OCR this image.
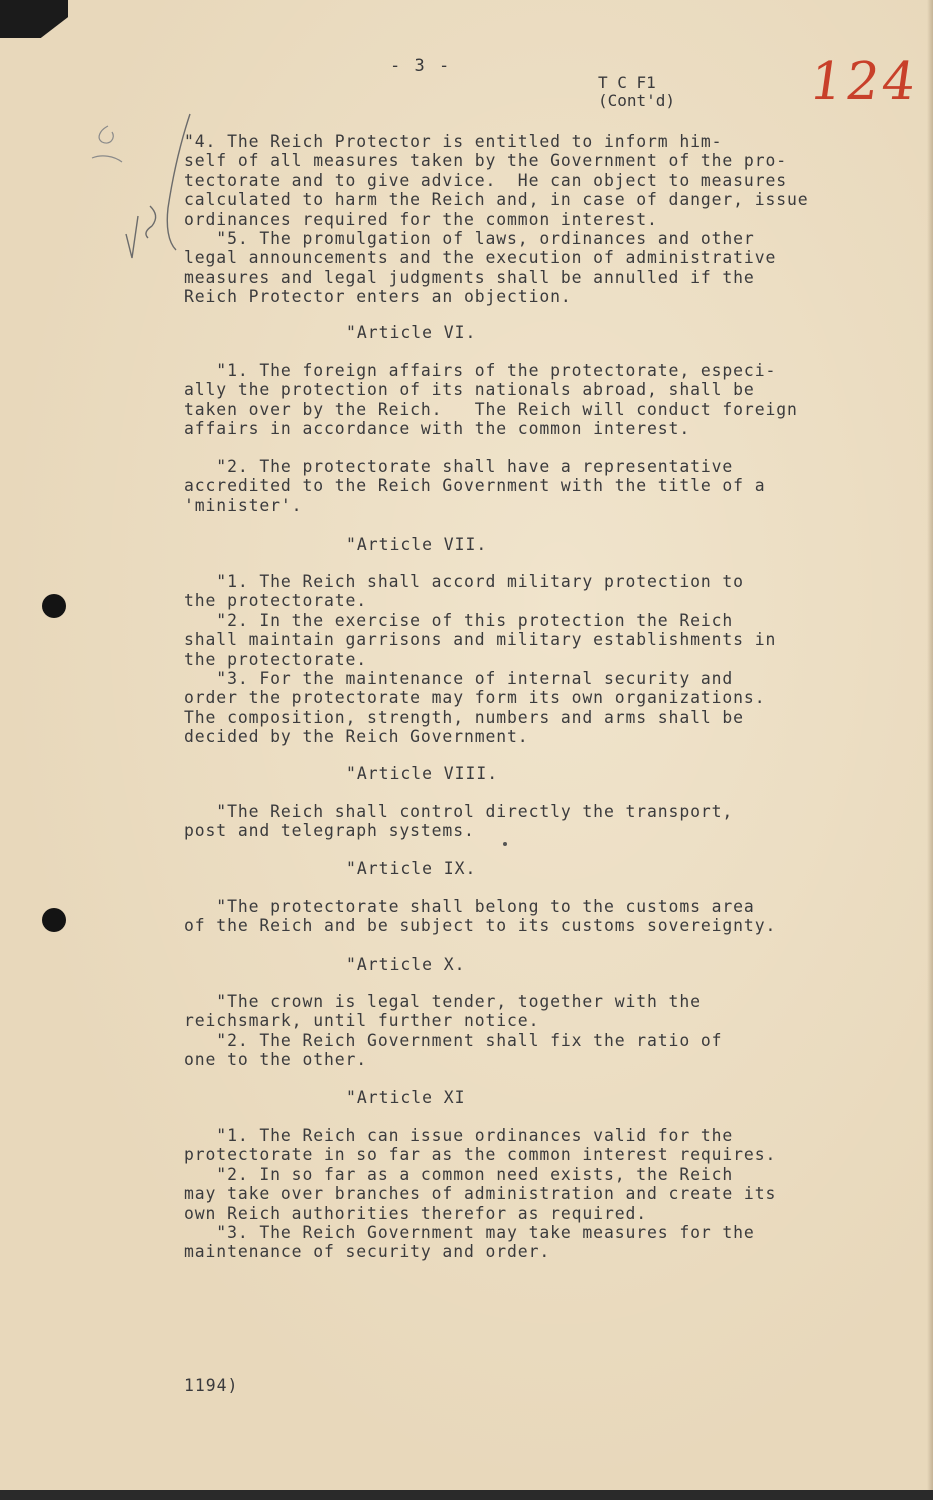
- 3 -
T C F1
(Cont'd)	124
"4. The Reich Protector is entitled to inform him-
self of all measures taken by the Government of the pro-
tectorate and to give advice.  He can object to measures
calculated to harm the Reich and, in case of danger, issue
ordinances required for the common interest.
"5. The promulgation of laws, ordinances and other
legal announcements and the execution of administrative
measures and legal judgments shall be annulled if the
Reich Protector enters an objection.
"Article VI.
"1. The foreign affairs of the protectorate, especi-
ally the protection of its nationals abroad, shall be
taken over by the Reich.   The Reich will conduct foreign
affairs in accordance with the common interest.
"2. The protectorate shall have a representative
accredited to the Reich Government with the title of a
'minister'.
"Article VII.
"1. The Reich shall accord military protection to
the protectorate.
"2. In the exercise of this protection the Reich
shall maintain garrisons and military establishments in
the protectorate.
"3. For the maintenance of internal security and
order the protectorate may form its own organizations.
The composition, strength, numbers and arms shall be
decided by the Reich Government.
"Article VIII.
"The Reich shall control directly the transport,
post and telegraph systems.
"Article IX.
"The protectorate shall belong to the customs area
of the Reich and be subject to its customs sovereignty.
"Article X.
"The crown is legal tender, together with the
reichsmark, until further notice.
"2. The Reich Government shall fix the ratio of
one to the other.
"Article XI
"1. The Reich can issue ordinances valid for the
protectorate in so far as the common interest requires.
"2. In so far as a common need exists, the Reich
may take over branches of administration and create its
own Reich authorities therefor as required.
"3. The Reich Government may take measures for the
maintenance of security and order.
1194)
